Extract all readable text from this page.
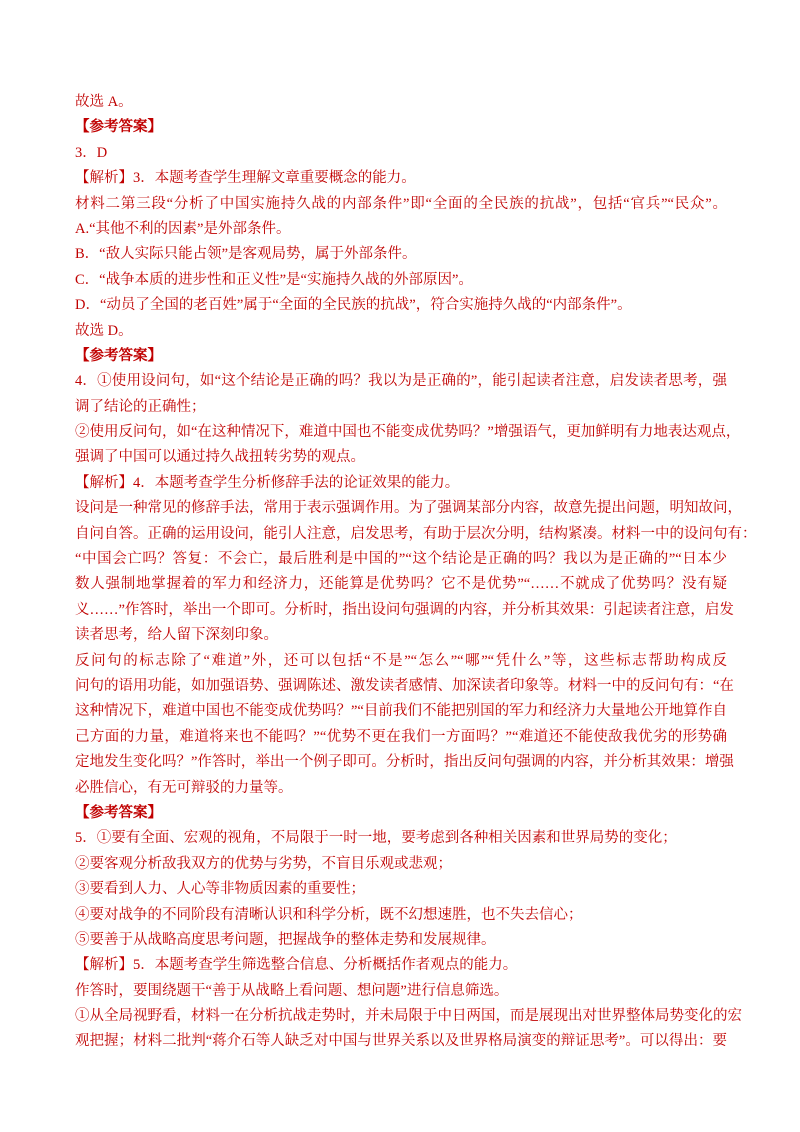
故选 A。
【参考答案】
3．D
【解析】3．本题考查学生理解文章重要概念的能力。
材料二第三段“分析了中国实施持久战的内部条件”即“全面的全民族的抗战”，包括“官兵”“民众”。
A.“其他不利的因素”是外部条件。
B．“敌人实际只能占领”是客观局势，属于外部条件。
C．“战争本质的进步性和正义性”是“实施持久战的外部原因”。
D．“动员了全国的老百姓”属于“全面的全民族的抗战”，符合实施持久战的“内部条件”。
故选 D。
【参考答案】
4．①使用设问句，如“这个结论是正确的吗？我以为是正确的”，能引起读者注意，启发读者思考，强
调了结论的正确性；
②使用反问句，如“在这种情况下，难道中国也不能变成优势吗？”增强语气，更加鲜明有力地表达观点，
强调了中国可以通过持久战扭转劣势的观点。
【解析】4．本题考查学生分析修辞手法的论证效果的能力。
设问是一种常见的修辞手法，常用于表示强调作用。为了强调某部分内容，故意先提出问题，明知故问，
自问自答。正确的运用设问，能引人注意，启发思考，有助于层次分明，结构紧凑。材料一中的设问句有：
“中国会亡吗？答复：不会亡，最后胜利是中国的”“这个结论是正确的吗？我以为是正确的”“日本少
数人强制地掌握着的军力和经济力，还能算是优势吗？它不是优势”“……不就成了优势吗？没有疑
义……”作答时，举出一个即可。分析时，指出设问句强调的内容，并分析其效果：引起读者注意，启发
读者思考，给人留下深刻印象。
反问句的标志除了“难道”外，还可以包括“不是”“怎么”“哪”“凭什么”等，这些标志帮助构成反
问句的语用功能，如加强语势、强调陈述、激发读者感情、加深读者印象等。材料一中的反问句有：“在
这种情况下，难道中国也不能变成优势吗？”“目前我们不能把别国的军力和经济力大量地公开地算作自
己方面的力量，难道将来也不能吗？”“优势不更在我们一方面吗？”“难道还不能使敌我优劣的形势确
定地发生变化吗？”作答时，举出一个例子即可。分析时，指出反问句强调的内容，并分析其效果：增强
必胜信心，有无可辩驳的力量等。
【参考答案】
5．①要有全面、宏观的视角，不局限于一时一地，要考虑到各种相关因素和世界局势的变化；
②要客观分析敌我双方的优势与劣势，不盲目乐观或悲观；
③要看到人力、人心等非物质因素的重要性；
④要对战争的不同阶段有清晰认识和科学分析，既不幻想速胜，也不失去信心；
⑤要善于从战略高度思考问题，把握战争的整体走势和发展规律。
【解析】5．本题考查学生筛选整合信息、分析概括作者观点的能力。
作答时，要围绕题干“善于从战略上看问题、想问题”进行信息筛选。
①从全局视野看，材料一在分析抗战走势时，并未局限于中日两国，而是展现出对世界整体局势变化的宏
观把握；材料二批判“蒋介石等人缺乏对中国与世界关系以及世界格局演变的辩证思考”。可以得出：要
